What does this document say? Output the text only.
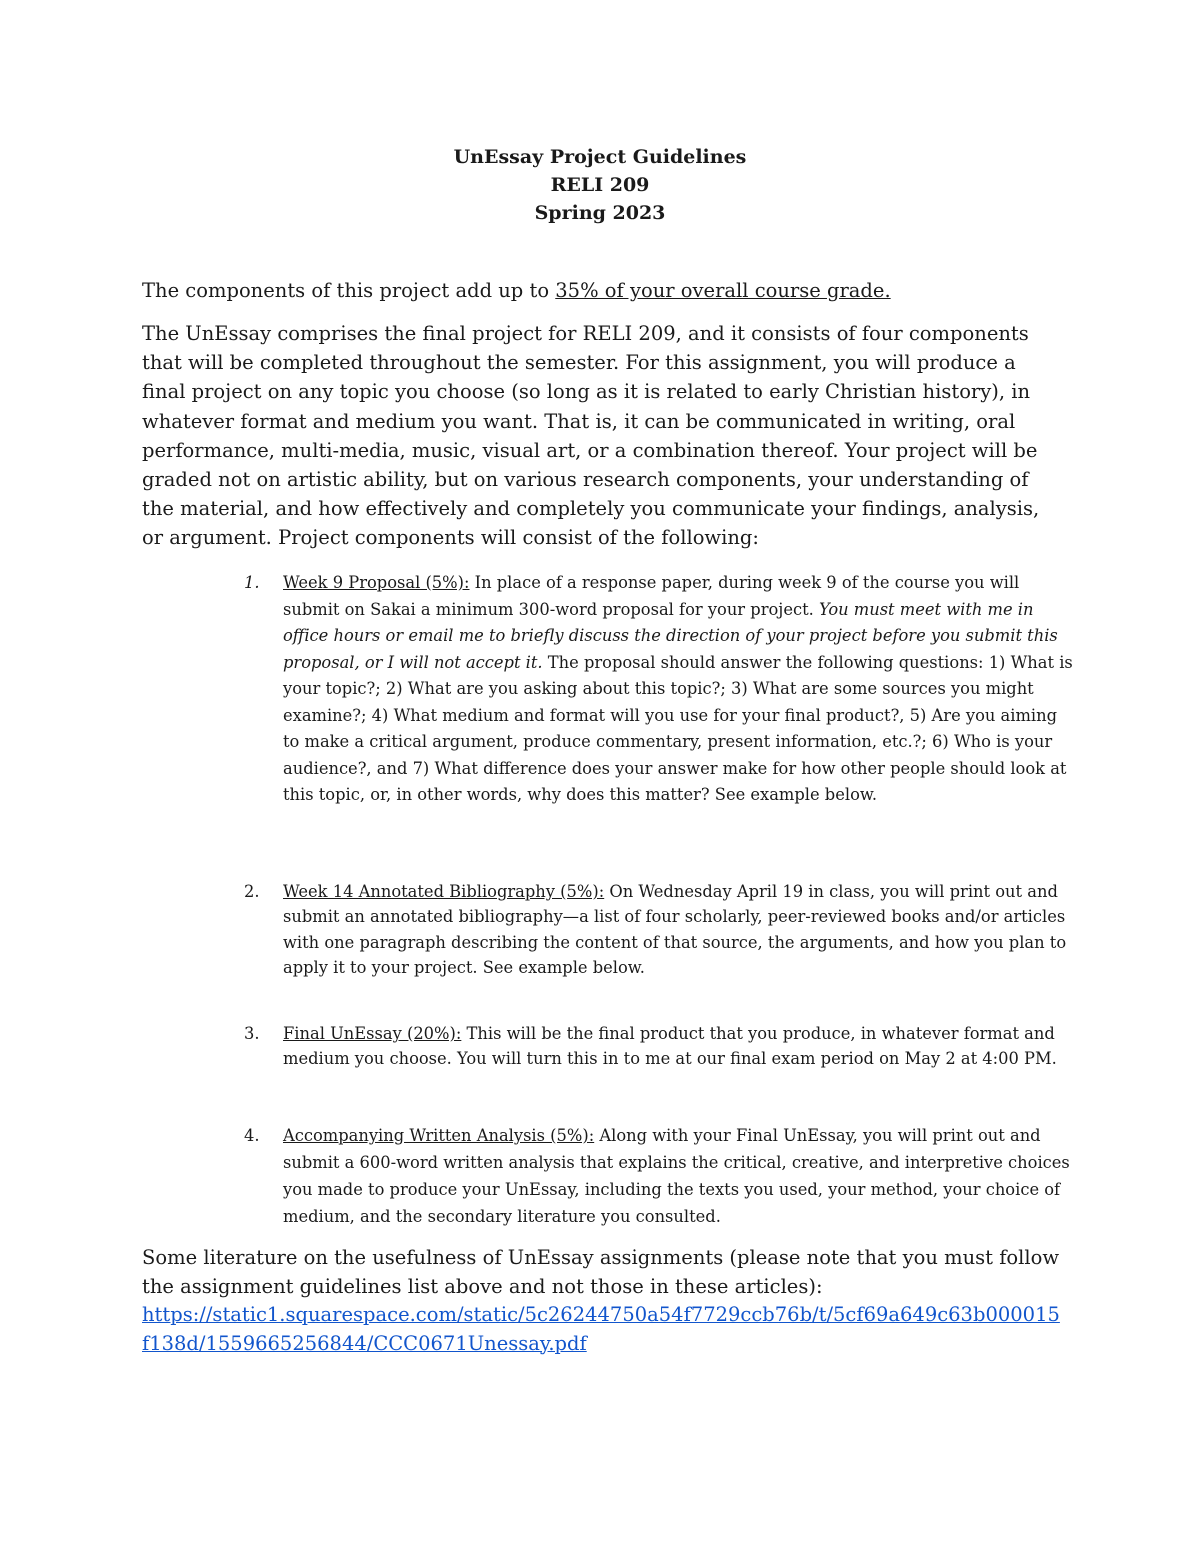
UnEssay Project Guidelines
RELI 209
Spring 2023
The components of this project add up to 35% of your overall course grade.
The UnEssay comprises the final project for RELI 209, and it consists of four components that will be completed throughout the semester. For this assignment, you will produce a final project on any topic you choose (so long as it is related to early Christian history), in whatever format and medium you want. That is, it can be communicated in writing, oral performance, multi-media, music, visual art, or a combination thereof. Your project will be graded not on artistic ability, but on various research components, your understanding of the material, and how effectively and completely you communicate your findings, analysis, or argument. Project components will consist of the following:
1. Week 9 Proposal (5%): In place of a response paper, during week 9 of the course you will submit on Sakai a minimum 300-word proposal for your project. You must meet with me in office hours or email me to briefly discuss the direction of your project before you submit this proposal, or I will not accept it. The proposal should answer the following questions: 1) What is your topic?; 2) What are you asking about this topic?; 3) What are some sources you might examine?; 4) What medium and format will you use for your final product?, 5) Are you aiming to make a critical argument, produce commentary, present information, etc.?; 6) Who is your audience?, and 7) What difference does your answer make for how other people should look at this topic, or, in other words, why does this matter? See example below.
2. Week 14 Annotated Bibliography (5%): On Wednesday April 19 in class, you will print out and submit an annotated bibliography—a list of four scholarly, peer-reviewed books and/or articles with one paragraph describing the content of that source, the arguments, and how you plan to apply it to your project. See example below.
3. Final UnEssay (20%): This will be the final product that you produce, in whatever format and medium you choose. You will turn this in to me at our final exam period on May 2 at 4:00 PM.
4. Accompanying Written Analysis (5%): Along with your Final UnEssay, you will print out and submit a 600-word written analysis that explains the critical, creative, and interpretive choices you made to produce your UnEssay, including the texts you used, your method, your choice of medium, and the secondary literature you consulted.
Some literature on the usefulness of UnEssay assignments (please note that you must follow the assignment guidelines list above and not those in these articles):
https://static1.squarespace.com/static/5c26244750a54f7729ccb76b/t/5cf69a649c63b000015f138d/1559665256844/CCC0671Unessay.pdf
